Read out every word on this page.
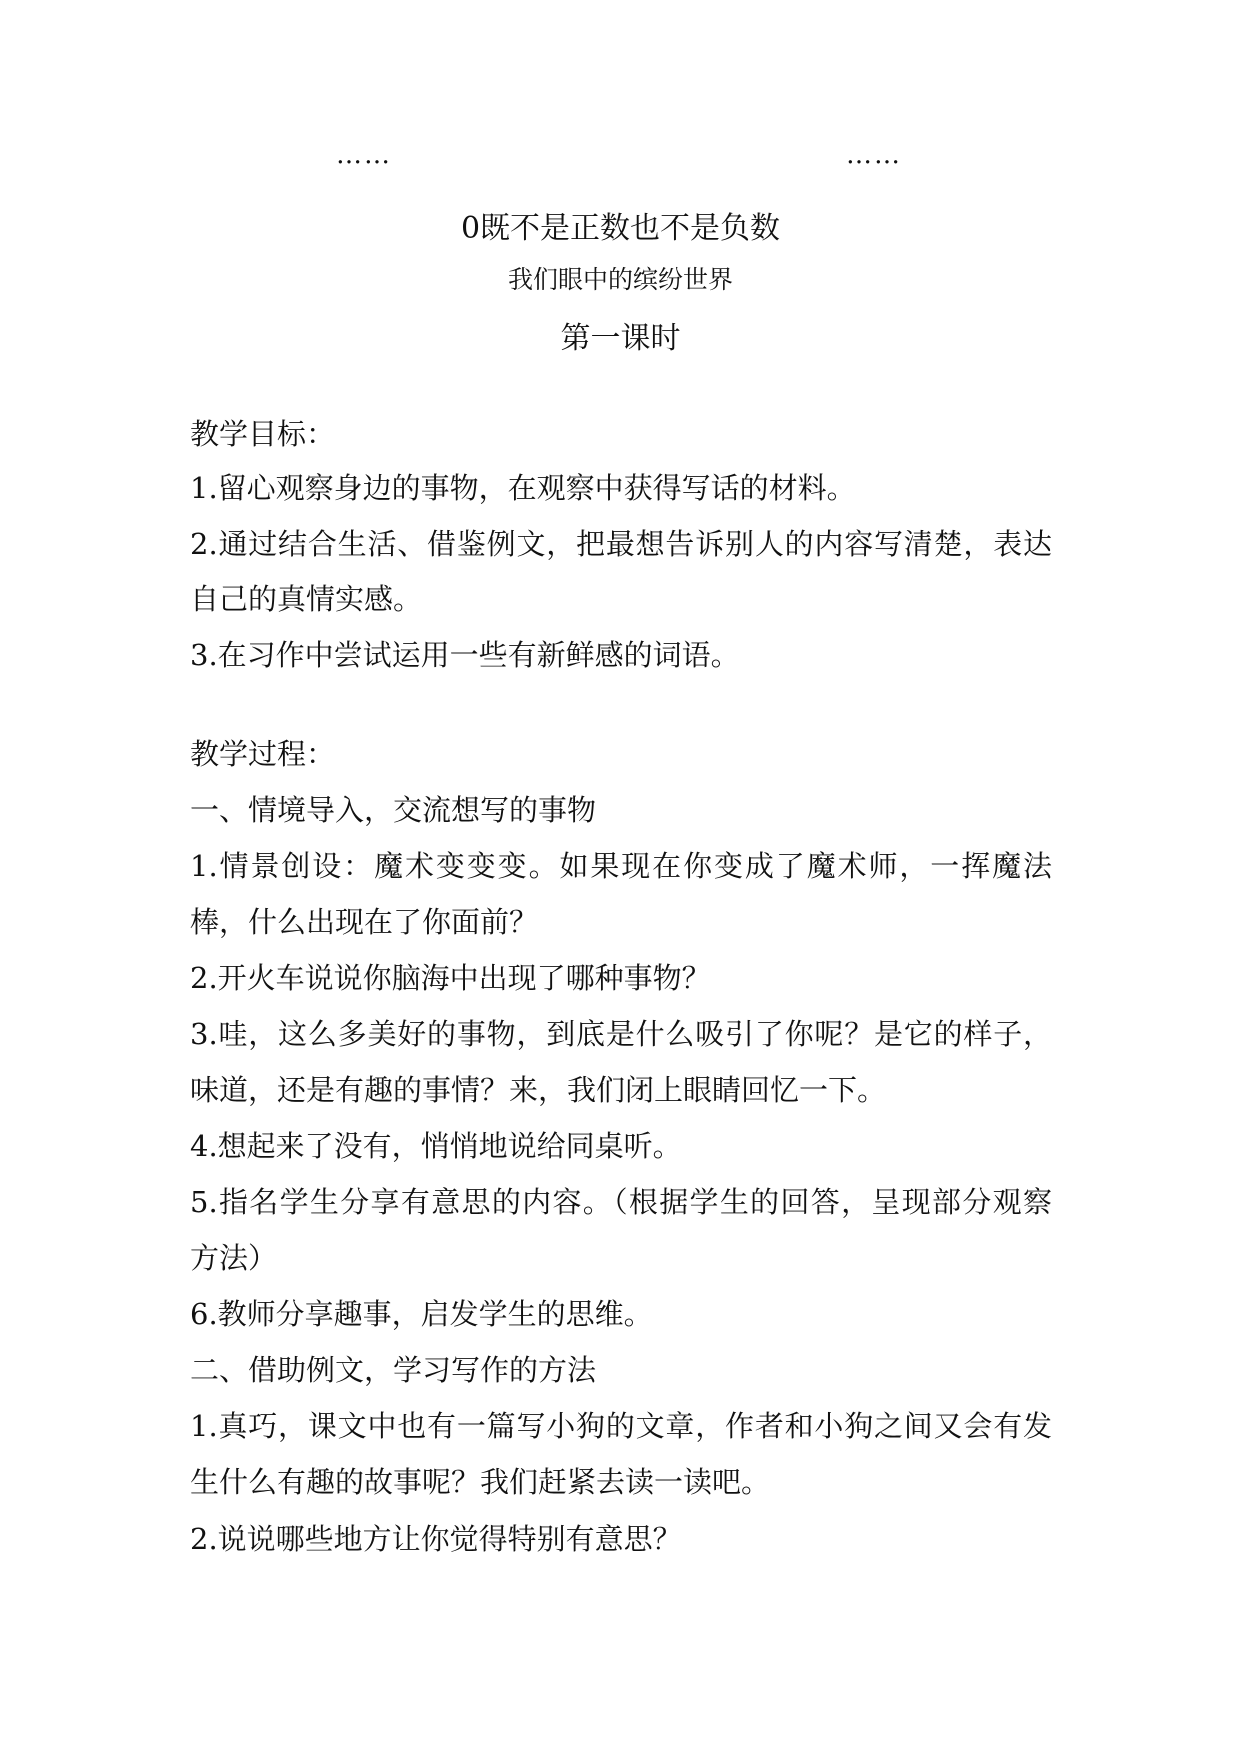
……	……
0既不是正数也不是负数
我们眼中的缤纷世界
第一课时
教学目标：
1.留心观察身边的事物，在观察中获得写话的材料。
2.通过结合生活、借鉴例文，把最想告诉别人的内容写清楚，表达
自己的真情实感。
3.在习作中尝试运用一些有新鲜感的词语。
教学过程：
一、情境导入，交流想写的事物
1.情景创设：魔术变变变。如果现在你变成了魔术师，一挥魔法
棒，什么出现在了你面前？
2.开火车说说你脑海中出现了哪种事物？
3.哇，这么多美好的事物，到底是什么吸引了你呢？是它的样子，
味道，还是有趣的事情？来，我们闭上眼睛回忆一下。
4.想起来了没有，悄悄地说给同桌听。
5.指名学生分享有意思的内容。（根据学生的回答，呈现部分观察
方法）
6.教师分享趣事，启发学生的思维。
二、借助例文，学习写作的方法
1.真巧，课文中也有一篇写小狗的文章，作者和小狗之间又会有发
生什么有趣的故事呢？我们赶紧去读一读吧。
2.说说哪些地方让你觉得特别有意思？
